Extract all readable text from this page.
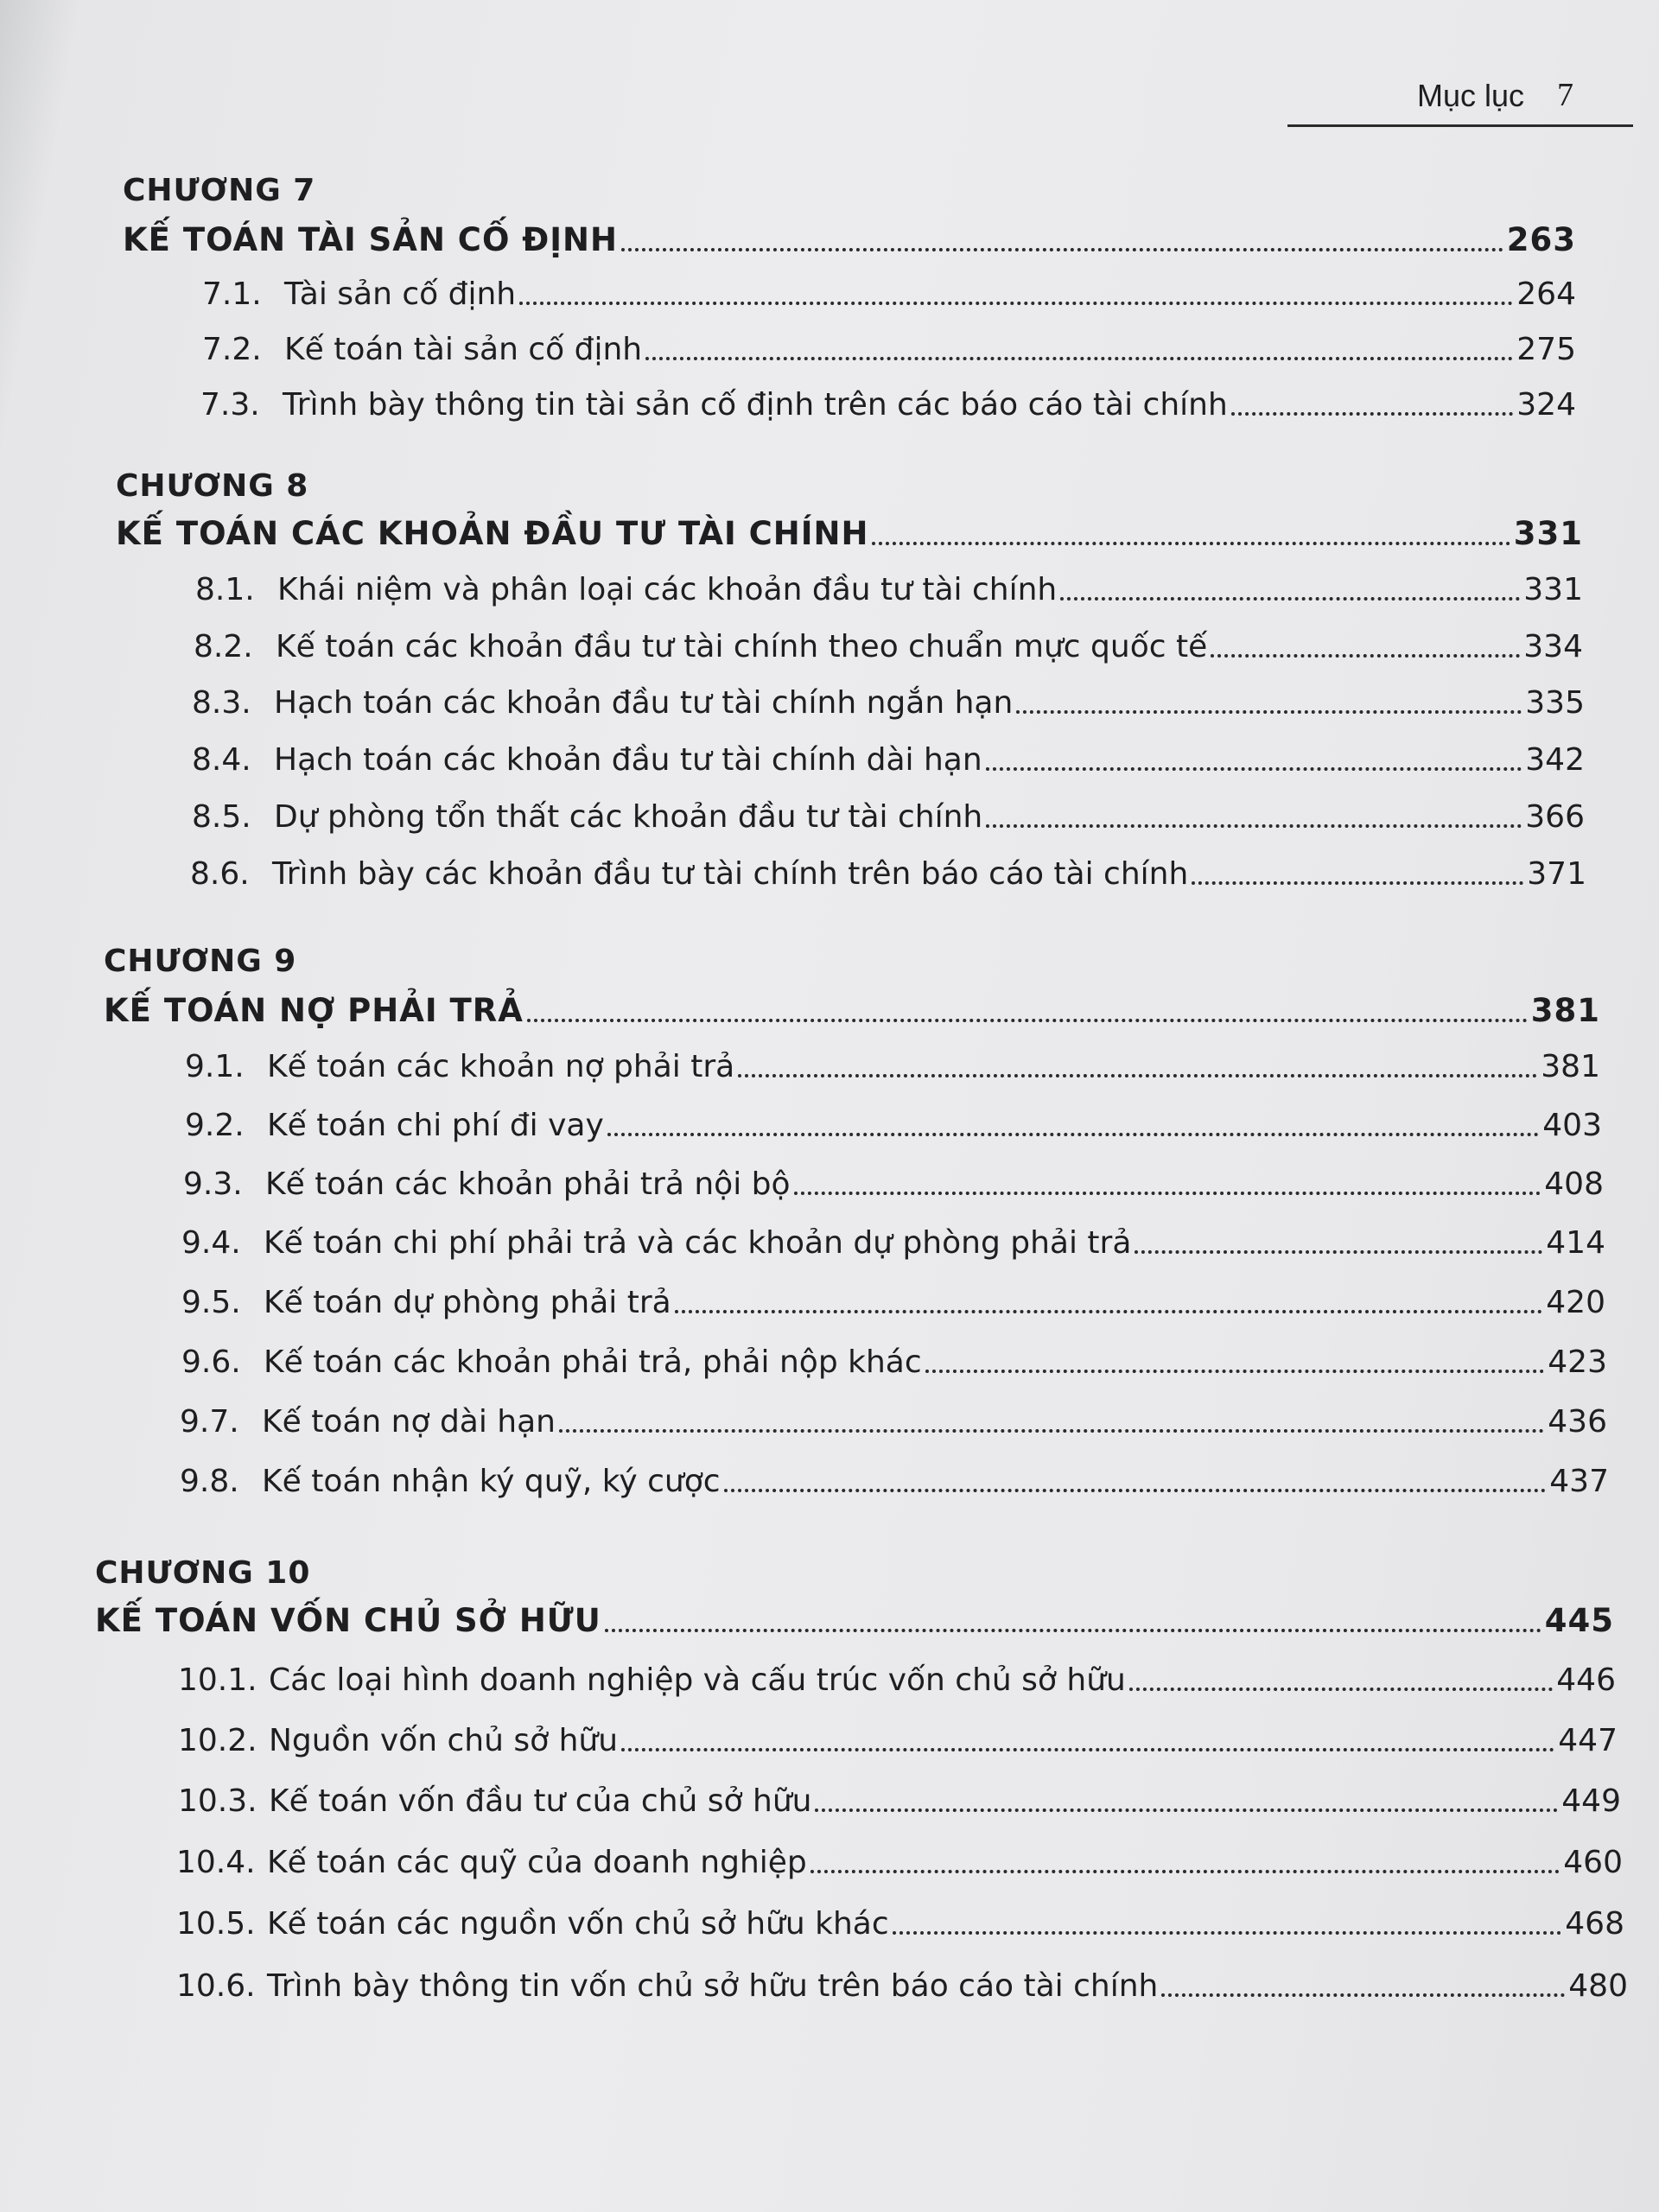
Mục lục 7
CHƯƠNG 7
KẾ TOÁN TÀI SẢN CỐ ĐỊNH	263
7.1. Tài sản cố định	264
7.2. Kế toán tài sản cố định	275
7.3. Trình bày thông tin tài sản cố định trên các báo cáo tài chính	324
CHƯƠNG 8
KẾ TOÁN CÁC KHOẢN ĐẦU TƯ TÀI CHÍNH	331
8.1. Khái niệm và phân loại các khoản đầu tư tài chính	331
8.2. Kế toán các khoản đầu tư tài chính theo chuẩn mực quốc tế	334
8.3. Hạch toán các khoản đầu tư tài chính ngắn hạn	335
8.4. Hạch toán các khoản đầu tư tài chính dài hạn	342
8.5. Dự phòng tổn thất các khoản đầu tư tài chính	366
8.6. Trình bày các khoản đầu tư tài chính trên báo cáo tài chính	371
CHƯƠNG 9
KẾ TOÁN NỢ PHẢI TRẢ	381
9.1. Kế toán các khoản nợ phải trả	381
9.2. Kế toán chi phí đi vay	403
9.3. Kế toán các khoản phải trả nội bộ	408
9.4. Kế toán chi phí phải trả và các khoản dự phòng phải trả	414
9.5. Kế toán dự phòng phải trả	420
9.6. Kế toán các khoản phải trả, phải nộp khác	423
9.7. Kế toán nợ dài hạn	436
9.8. Kế toán nhận ký quỹ, ký cược	437
CHƯƠNG 10
KẾ TOÁN VỐN CHỦ SỞ HỮU	445
10.1. Các loại hình doanh nghiệp và cấu trúc vốn chủ sở hữu	446
10.2. Nguồn vốn chủ sở hữu	447
10.3. Kế toán vốn đầu tư của chủ sở hữu	449
10.4. Kế toán các quỹ của doanh nghiệp	460
10.5. Kế toán các nguồn vốn chủ sở hữu khác	468
10.6. Trình bày thông tin vốn chủ sở hữu trên báo cáo tài chính	480
